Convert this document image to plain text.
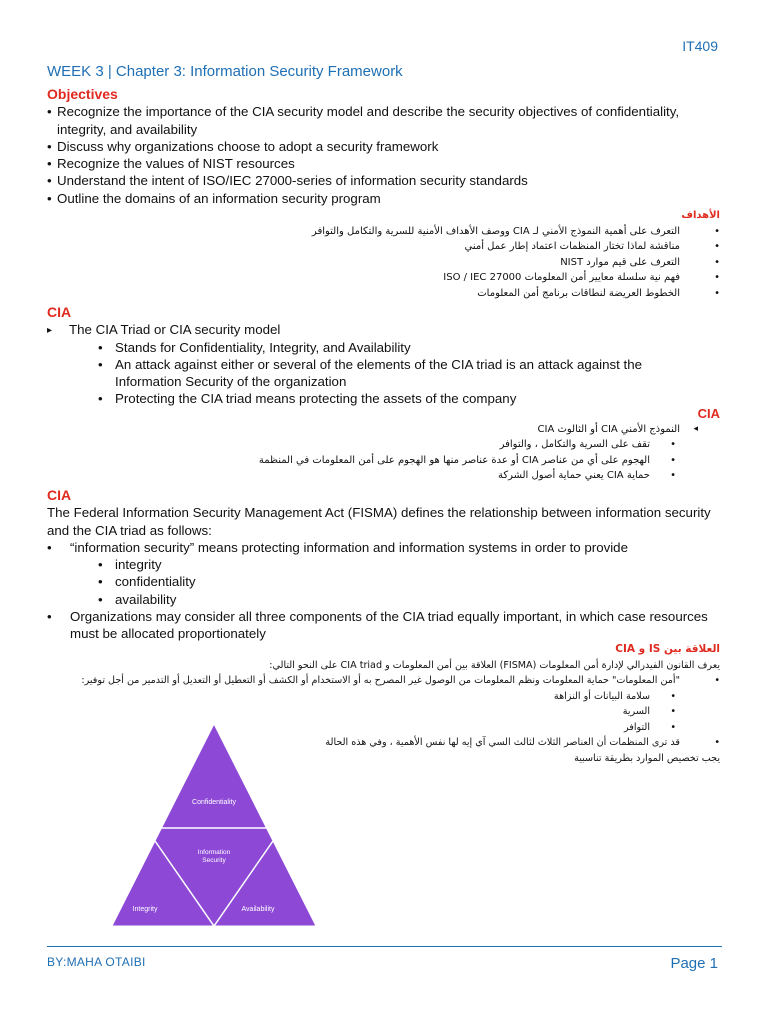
IT409
WEEK 3 | Chapter 3: Information Security Framework
Objectives
• Recognize the importance of the CIA security model and describe the security objectives of confidentiality, integrity, and availability
• Discuss why organizations choose to adopt a security framework
• Recognize the values of NIST resources
• Understand the intent of ISO/IEC 27000-series of information security standards
• Outline the domains of an information security program
الأهداف
• التعرف على أهمية النموذج الأمني لـ CIA ووصف الأهداف الأمنية للسرية والتكامل والتوافر
• مناقشة لماذا تختار المنظمات اعتماد إطار عمل أمني
• التعرف على قيم موارد NIST
• فهم نية سلسلة معايير أمن المعلومات ISO / IEC 27000
• الخطوط العريضة لنطاقات برنامج أمن المعلومات
CIA
▸ The CIA Triad or CIA security model
• Stands for Confidentiality, Integrity, and Availability
• An attack against either or several of the elements of the CIA triad is an attack against the Information Security of the organization
• Protecting the CIA triad means protecting the assets of the company
CIA
◂ النموذج الأمني CIA أو الثالوث CIA
• تقف على السرية والتكامل ، والتوافر
• الهجوم على أي من عناصر CIA أو عدة عناصر منها هو الهجوم على أمن المعلومات في المنظمة
• حماية CIA يعني حماية أصول الشركة
CIA
The Federal Information Security Management Act (FISMA) defines the relationship between information security and the CIA triad as follows:
• “information security” means protecting information and information systems in order to provide
• integrity
• confidentiality
• availability
• Organizations may consider all three components of the CIA triad equally important, in which case resources must be allocated proportionately
العلاقة بين IS و CIA
يعرف القانون الفيدرالي لإدارة أمن المعلومات (FISMA) العلاقة بين أمن المعلومات و CIA triad على النحو التالي:
• "أمن المعلومات" حماية المعلومات ونظم المعلومات من الوصول غير المصرح به أو الاستخدام أو الكشف أو التعطيل أو التعديل أو التدمير من أجل توفير:
• سلامة البيانات أو النزاهة
• السرية
• التوافر
• قد ترى المنظمات أن العناصر الثلاث لثالث السي آي إيه لها نفس الأهمية ، وفي هذه الحالة
يجب تخصيص الموارد بطريقة تناسبية
Confidentiality
Information
Security
Integrity	Availability
BY:MAHA OTAIBI	Page 1
